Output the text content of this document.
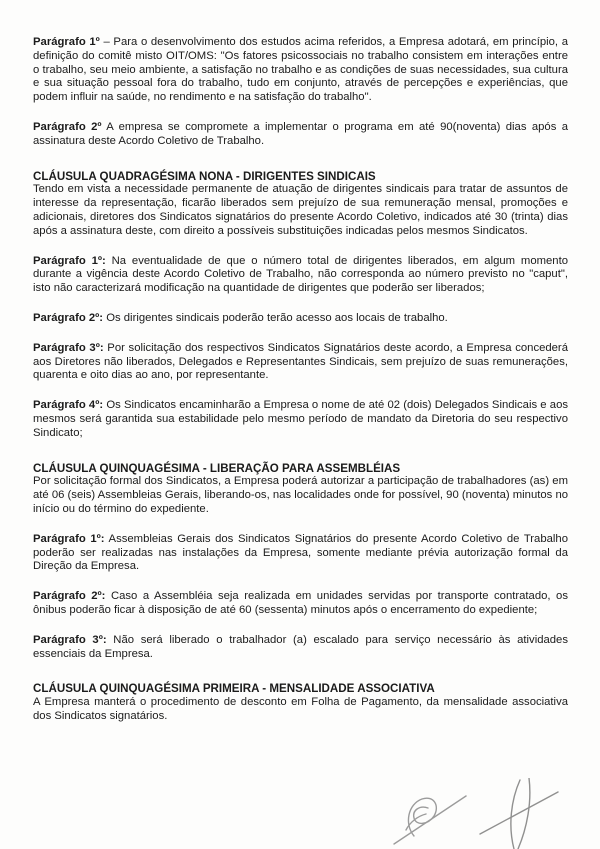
Parágrafo 1º – Para o desenvolvimento dos estudos acima referidos, a Empresa adotará, em princípio, a definição do comitê misto OIT/OMS: "Os fatores psicossociais no trabalho consistem em interações entre o trabalho, seu meio ambiente, a satisfação no trabalho e as condições de suas necessidades, sua cultura e sua situação pessoal fora do trabalho, tudo em conjunto, através de percepções e experiências, que podem influir na saúde, no rendimento e na satisfação do trabalho".

Parágrafo 2º A empresa se compromete a implementar o programa em até 90(noventa) dias após a assinatura deste Acordo Coletivo de Trabalho.

CLÁUSULA QUADRAGÉSIMA NONA - DIRIGENTES SINDICAIS

Tendo em vista a necessidade permanente de atuação de dirigentes sindicais para tratar de assuntos de interesse da representação, ficarão liberados sem prejuízo de sua remuneração mensal, promoções e adicionais, diretores dos Sindicatos signatários do presente Acordo Coletivo, indicados até 30 (trinta) dias após a assinatura deste, com direito a possíveis substituições indicadas pelos mesmos Sindicatos.

Parágrafo 1º: Na eventualidade de que o número total de dirigentes liberados, em algum momento durante a vigência deste Acordo Coletivo de Trabalho, não corresponda ao número previsto no "caput", isto não caracterizará modificação na quantidade de dirigentes que poderão ser liberados;

Parágrafo 2º: Os dirigentes sindicais poderão terão acesso aos locais de trabalho.

Parágrafo 3º: Por solicitação dos respectivos Sindicatos Signatários deste acordo, a Empresa concederá aos Diretores não liberados, Delegados e Representantes Sindicais, sem prejuízo de suas remunerações, quarenta e oito dias ao ano, por representante.

Parágrafo 4º: Os Sindicatos encaminharão a Empresa o nome de até 02 (dois) Delegados Sindicais e aos mesmos será garantida sua estabilidade pelo mesmo período de mandato da Diretoria do seu respectivo Sindicato;

CLÁUSULA QUINQUAGÉSIMA - LIBERAÇÃO PARA ASSEMBLÉIAS

Por solicitação formal dos Sindicatos, a Empresa poderá autorizar a participação de trabalhadores (as) em até 06 (seis) Assembleias Gerais, liberando-os, nas localidades onde for possível, 90 (noventa) minutos no início ou do término do expediente.

Parágrafo 1º: Assembleias Gerais dos Sindicatos Signatários do presente Acordo Coletivo de Trabalho poderão ser realizadas nas instalações da Empresa, somente mediante prévia autorização formal da Direção da Empresa.

Parágrafo 2º: Caso a Assembléia seja realizada em unidades servidas por transporte contratado, os ônibus poderão ficar à disposição de até 60 (sessenta) minutos após o encerramento do expediente;

Parágrafo 3º: Não será liberado o trabalhador (a) escalado para serviço necessário às atividades essenciais da Empresa.

CLÁUSULA QUINQUAGÉSIMA PRIMEIRA - MENSALIDADE ASSOCIATIVA

A Empresa manterá o procedimento de desconto em Folha de Pagamento, da mensalidade associativa dos Sindicatos signatários.
